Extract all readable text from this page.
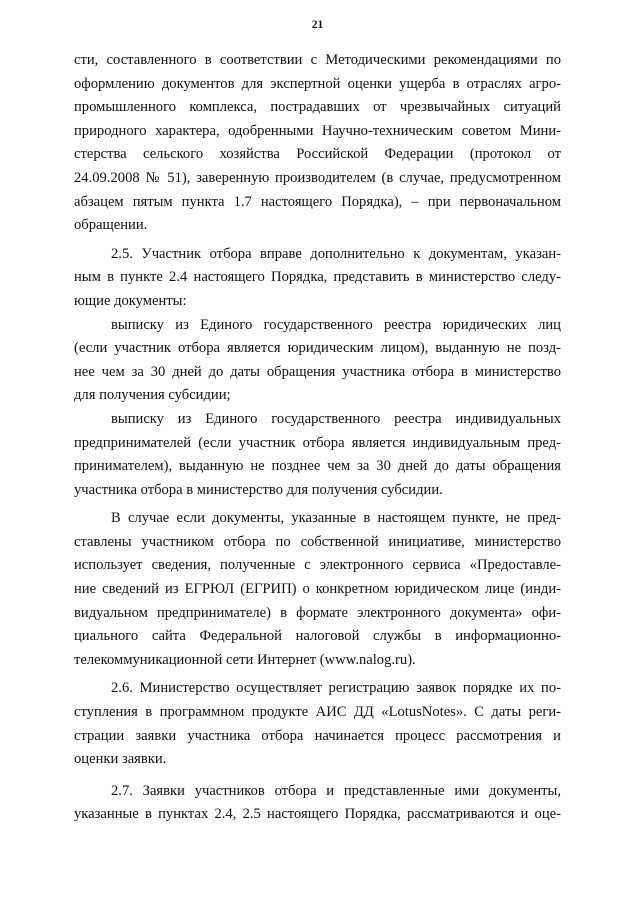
21

сти, составленного в соответствии с Методическими рекомендациями по

оформлению документов для экспертной оценки ущерба в отраслях агро-

промышленного комплекса, пострадавших от чрезвычайных ситуаций

природного характера, одобренными Научно-техническим советом Мини-

стерства сельского хозяйства Российской Федерации (протокол от

24.09.2008 № 51), заверенную производителем (в случае, предусмотренном

абзацем пятым пункта 1.7 настоящего Порядка), – при первоначальном

обращении.

2.5. Участник отбора вправе дополнительно к документам, указан-

ным в пункте 2.4 настоящего Порядка, представить в министерство следу-

ющие документы:

выписку из Единого государственного реестра юридических лиц

(если участник отбора является юридическим лицом), выданную не позд-

нее чем за 30 дней до даты обращения участника отбора в министерство

для получения субсидии;

выписку из Единого государственного реестра индивидуальных

предпринимателей (если участник отбора является индивидуальным пред-

принимателем), выданную не позднее чем за 30 дней до даты обращения

участника отбора в министерство для получения субсидии.

В случае если документы, указанные в настоящем пункте, не пред-

ставлены участником отбора по собственной инициативе, министерство

использует сведения, полученные с электронного сервиса «Предоставле-

ние сведений из ЕГРЮЛ (ЕГРИП) о конкретном юридическом лице (инди-

видуальном предпринимателе) в формате электронного документа» офи-

циального сайта Федеральной налоговой службы в информационно-

телекоммуникационной сети Интернет (www.nalog.ru).

2.6. Министерство осуществляет регистрацию заявок порядке их по-

ступления в программном продукте АИС ДД «LotusNotes». С даты реги-

страции заявки участника отбора начинается процесс рассмотрения и

оценки заявки.

2.7. Заявки участников отбора и представленные ими документы,

указанные в пунктах 2.4, 2.5 настоящего Порядка, рассматриваются и оце-
